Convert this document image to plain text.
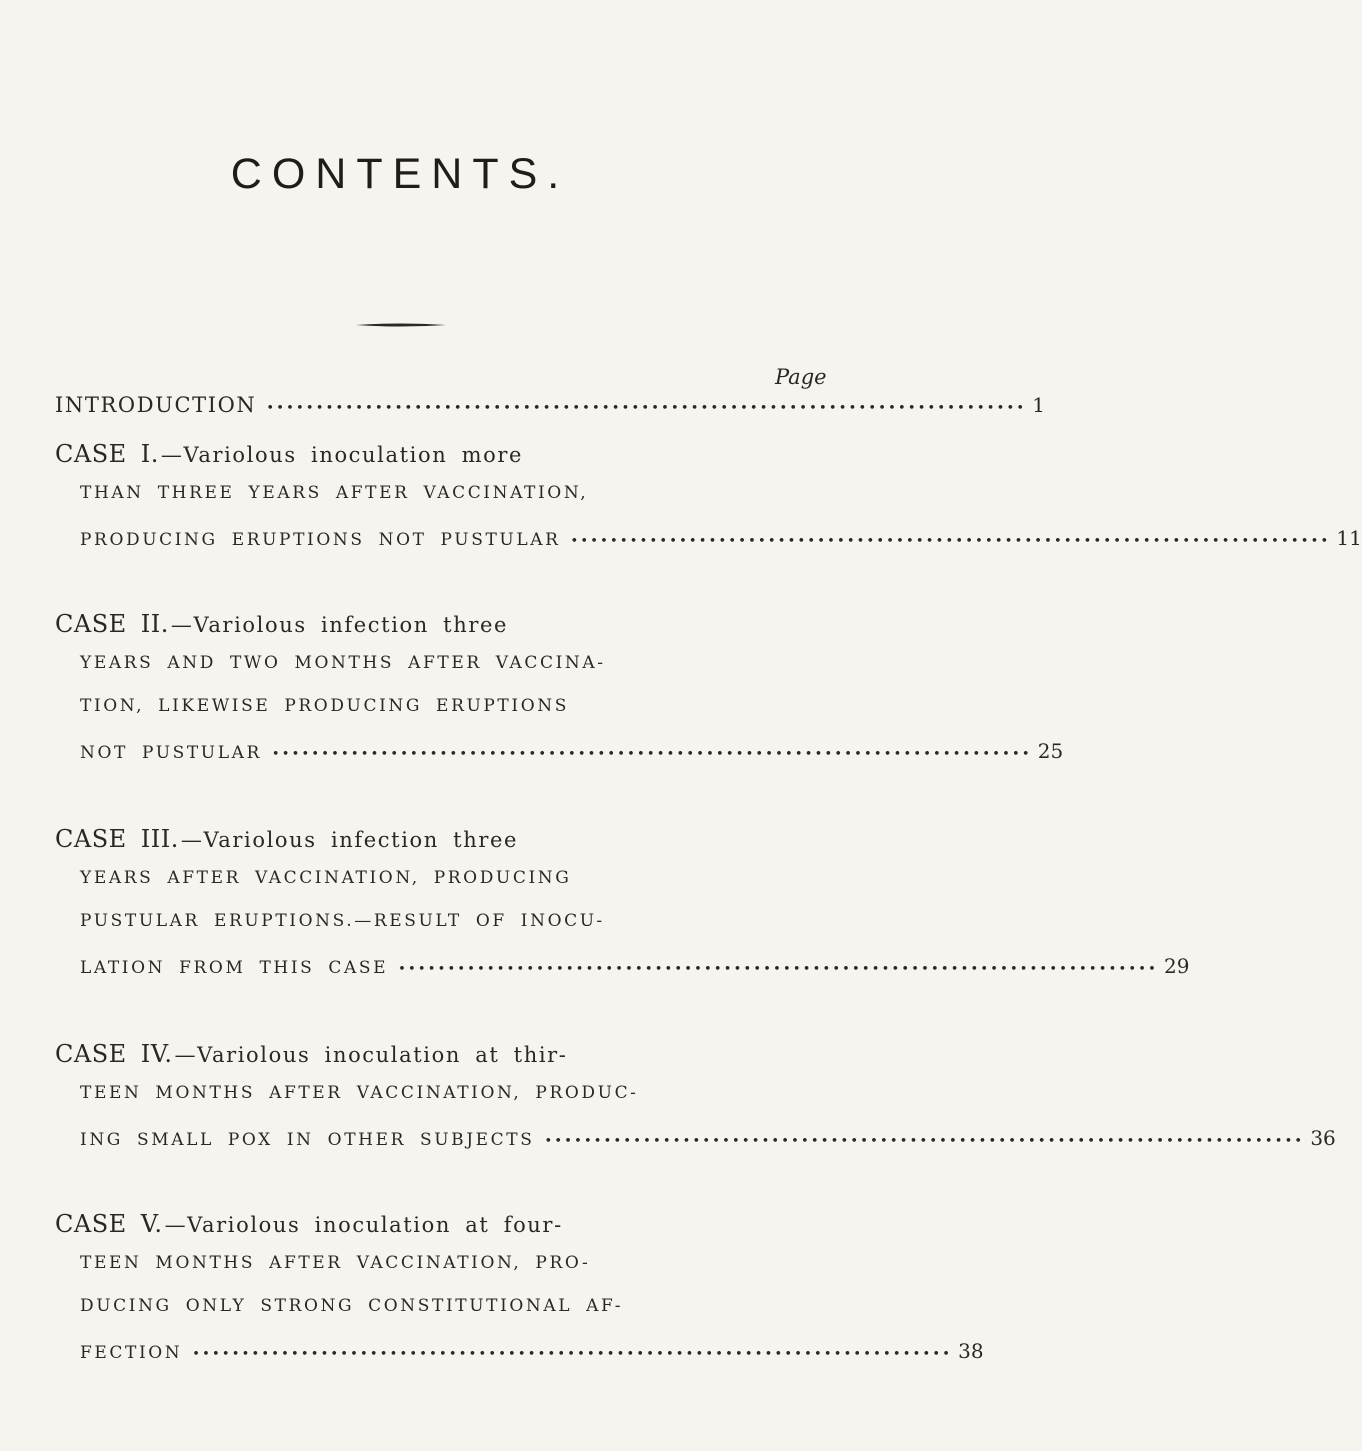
CONTENTS.
Page
INTRODUCTION •••••	1
CASE I. —Variolous inoculation more
THAN THREE YEARS AFTER VACCINATION,
PRODUCING ERUPTIONS NOT PUSTULAR •••••	11
CASE II. —Variolous infection three
YEARS AND TWO MONTHS AFTER VACCINA-
TION, LIKEWISE PRODUCING ERUPTIONS
NOT PUSTULAR •••••	25
CASE III. —Variolous infection three
YEARS AFTER VACCINATION, PRODUCING
PUSTULAR ERUPTIONS.—RESULT OF INOCU-
LATION FROM THIS CASE •••••	29
CASE IV. —Variolous inoculation at thir-
TEEN MONTHS AFTER VACCINATION, PRODUC-
ING SMALL POX IN OTHER SUBJECTS •••••	36
CASE V. —Variolous inoculation at four-
TEEN MONTHS AFTER VACCINATION, PRO-
DUCING ONLY STRONG CONSTITUTIONAL AF-
FECTION •••••	38
